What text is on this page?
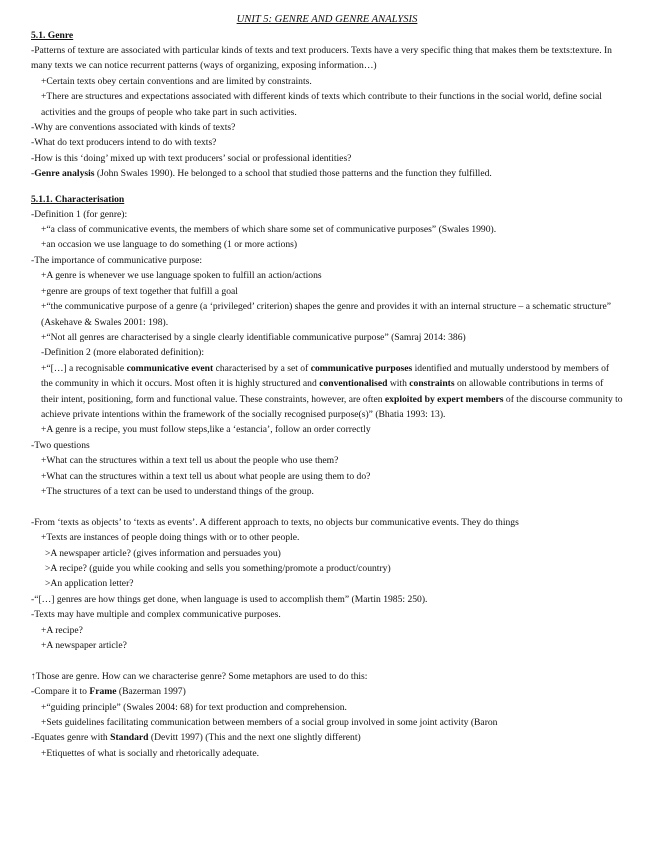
UNIT 5: GENRE AND GENRE ANALYSIS
5.1. Genre

-Patterns of texture are associated with particular kinds of texts and text producers. Texts have a very specific thing that makes them be texts:texture. In many texts we can notice recurrent patterns (ways of organizing, exposing information…)

+Certain texts obey certain conventions and are limited by constraints.

+There are structures and expectations associated with different kinds of texts which contribute to their functions in the social world, define social activities and the groups of people who take part in such activities.

-Why are conventions associated with kinds of texts?

-What do text producers intend to do with texts?

-How is this ‘doing’ mixed up with text producers’ social or professional identities?

-Genre analysis (John Swales 1990). He belonged to a school that studied those patterns and the function they fulfilled.

5.1.1. Characterisation

-Definition 1 (for genre):

+“a class of communicative events, the members of which share some set of communicative purposes” (Swales 1990).

+an occasion we use language to do something (1 or more actions)

-The importance of communicative purpose:

+A genre is whenever we use language spoken to fulfill an action/actions

+genre are groups of text together that fulfill a goal

+“the communicative purpose of a genre (a ‘privileged’ criterion) shapes the genre and provides it with an internal structure – a schematic structure” (Askehave & Swales 2001: 198).

+“Not all genres are characterised by a single clearly identifiable communicative purpose” (Samraj 2014: 386)

-Definition 2 (more elaborated definition):

+“[…] a recognisable communicative event characterised by a set of communicative purposes identified and mutually understood by members of the community in which it occurs. Most often it is highly structured and conventionalised with constraints on allowable contributions in terms of their intent, positioning, form and functional value. These constraints, however, are often exploited by expert members of the discourse community to achieve private intentions within the framework of the socially recognised purpose(s)” (Bhatia 1993: 13).

+A genre is a recipe, you must follow steps,like a ‘estancia’, follow an order correctly

-Two questions

+What can the structures within a text tell us about the people who use them?

+What can the structures within a text tell us about what people are using them to do?

+The structures of a text can be used to understand things of the group.

-From ‘texts as objects’ to ‘texts as events’. A different approach to texts, no objects bur communicative events. They do things

+Texts are instances of people doing things with or to other people.

>A newspaper article? (gives information and persuades you)

>A recipe? (guide you while cooking and sells you something/promote a product/country)

>An application letter?

-“[…] genres are how things get done, when language is used to accomplish them” (Martin 1985: 250).

-Texts may have multiple and complex communicative purposes.

+A recipe?

+A newspaper article?

↑Those are genre. How can we characterise genre? Some metaphors are used to do this:

-Compare it to Frame (Bazerman 1997)

+“guiding principle” (Swales 2004: 68) for text production and comprehension.

+Sets guidelines facilitating communication between members of a social group involved in some joint activity (Baron

-Equates genre with Standard (Devitt 1997) (This and the next one slightly different)

+Etiquettes of what is socially and rhetorically adequate.
